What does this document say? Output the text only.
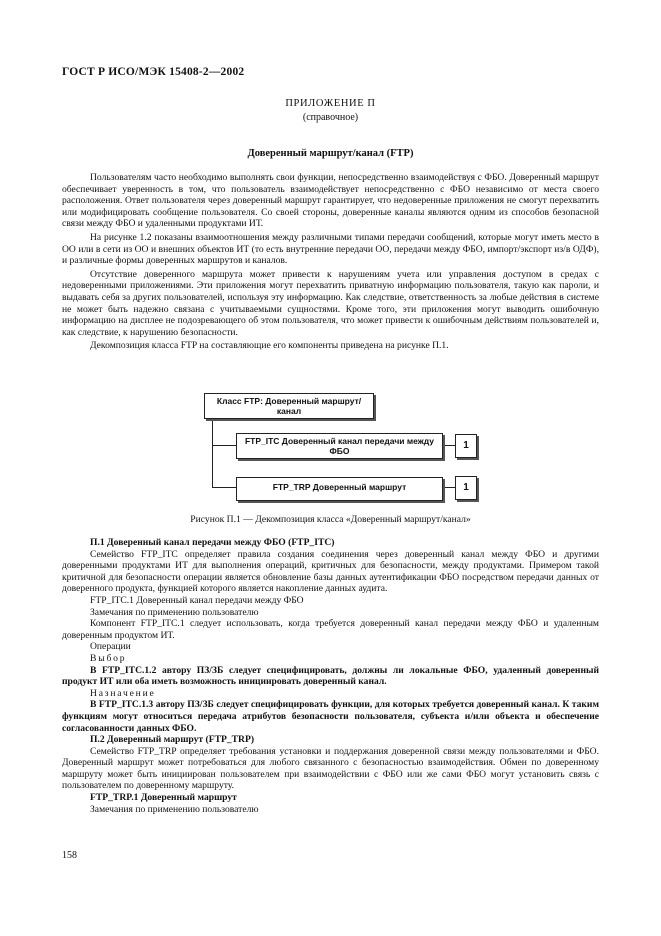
ГОСТ Р ИСО/МЭК 15408-2—2002
ПРИЛОЖЕНИЕ П
(справочное)
Доверенный маршрут/канал (FTP)

Пользователям часто необходимо выполнять свои функции, непосредственно взаимодействуя с ФБО. Доверенный маршрут обеспечивает уверенность в том, что пользователь взаимодействует непосредственно с ФБО независимо от места своего расположения. Ответ пользователя через доверенный маршрут гарантирует, что недоверенные приложения не смогут перехватить или модифицировать сообщение пользователя. Со своей стороны, доверенные каналы являются одним из способов безопасной связи между ФБО и удаленными продуктами ИТ.

На рисунке 1.2 показаны взаимоотношения между различными типами передачи сообщений, которые могут иметь место в ОО или в сети из ОО и внешних объектов ИТ (то есть внутренние передачи ОО, передачи между ФБО, импорт/экспорт из/в ОДФ), и различные формы доверенных маршрутов и каналов.

Отсутствие доверенного маршрута может привести к нарушениям учета или управления доступом в средах с недоверенными приложениями. Эти приложения могут перехватить приватную информацию пользователя, такую как пароли, и выдавать себя за других пользователей, используя эту информацию. Как следствие, ответственность за любые действия в системе не может быть надежно связана с учитываемыми сущностями. Кроме того, эти приложения могут выводить ошибочную информацию на дисплее не подозревающего об этом пользователя, что может привести к ошибочным действиям пользователей и, как следствие, к нарушению безопасности.

Декомпозиция класса FTP на составляющие его компоненты приведена на рисунке П.1.

Класс FTP: Доверенный маршрут/ канал
FTP_ITC Доверенный канал передачи между ФБО
FTP_TRP Доверенный маршрут
1
1
Рисунок П.1 — Декомпозиция класса «Доверенный маршрут/канал»

П.1 Доверенный канал передачи между ФБО (FTP_ITC)

Семейство FTP_ITC определяет правила создания соединения через доверенный канал между ФБО и другими доверенными продуктами ИТ для выполнения операций, критичных для безопасности, между продуктами. Примером такой критичной для безопасности операции является обновление базы данных аутентификации ФБО посредством передачи данных от доверенного продукта, функцией которого является накопление данных аудита.

FTP_ITC.1 Доверенный канал передачи между ФБО

Замечания по применению пользователю

Компонент FTP_ITC.1 следует использовать, когда требуется доверенный канал передачи между ФБО и удаленным доверенным продуктом ИТ.

Операции

Выбор

В FTP_ITC.1.2 автору ПЗ/ЗБ следует специфицировать, должны ли локальные ФБО, удаленный доверенный продукт ИТ или оба иметь возможность инициировать доверенный канал.

Назначение

В FTP_ITC.1.3 автору ПЗ/ЗБ следует специфицировать функции, для которых требуется доверенный канал. К таким функциям могут относиться передача атрибутов безопасности пользователя, субъекта и/или объекта и обеспечение согласованности данных ФБО.

П.2 Доверенный маршрут (FTP_TRP)

Семейство FTP_TRP определяет требования установки и поддержания доверенной связи между пользователями и ФБО. Доверенный маршрут может потребоваться для любого связанного с безопасностью взаимодействия. Обмен по доверенному маршруту может быть инициирован пользователем при взаимодействии с ФБО или же сами ФБО могут установить связь с пользователем по доверенному маршруту.

FTP_TRP.1 Доверенный маршрут

Замечания по применению пользователю

158
